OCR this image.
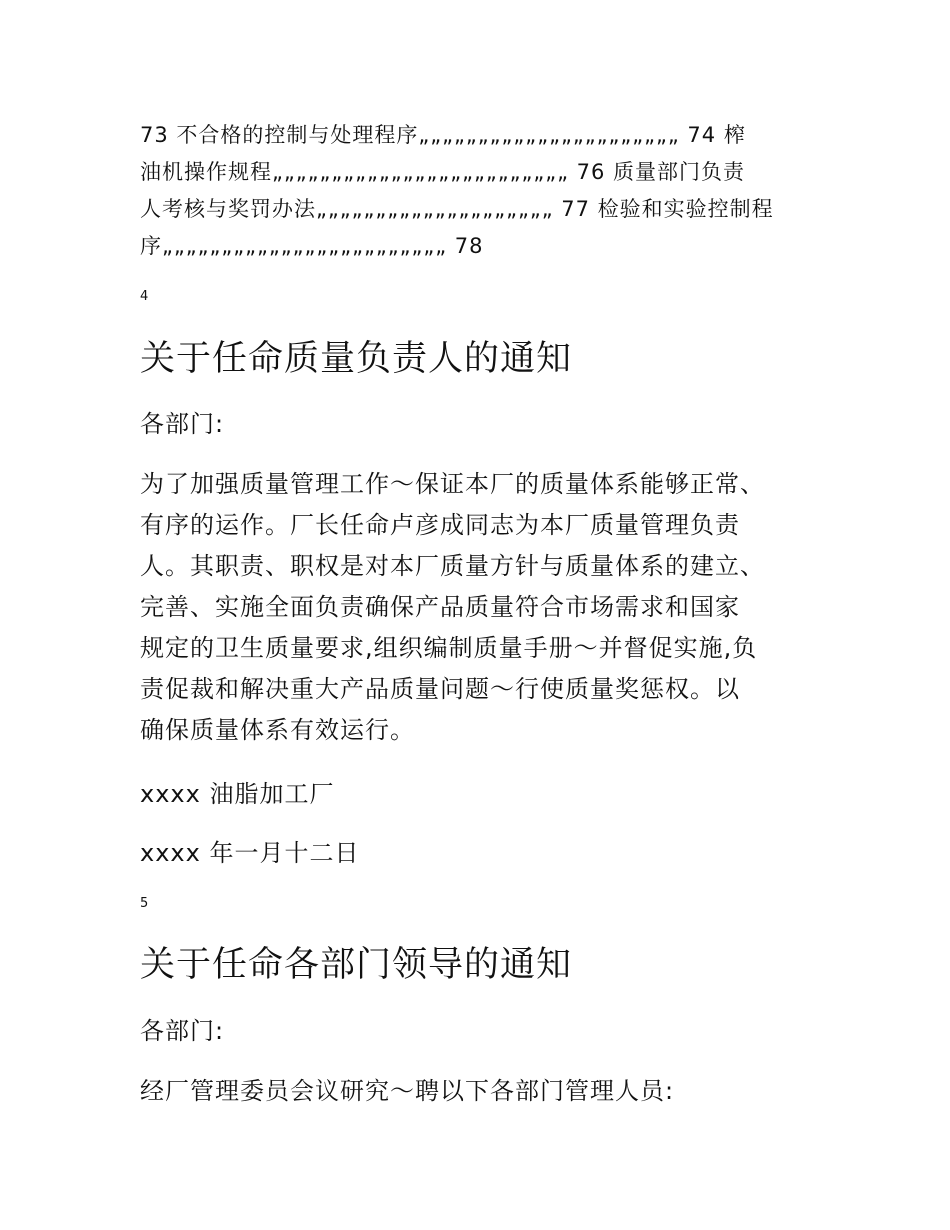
73 不合格的控制与处理程序„„„„„„„„„„„„„„„„„„„„„„ 74 榨
油机操作规程„„„„„„„„„„„„„„„„„„„„„„„„„ 76 质量部门负责
人考核与奖罚办法„„„„„„„„„„„„„„„„„„„„ 77 检验和实验控制程
序„„„„„„„„„„„„„„„„„„„„„„„„ 78
4
关于任命质量负责人的通知

各部门:

为了加强质量管理工作～保证本厂的质量体系能够正常、
有序的运作。厂长任命卢彦成同志为本厂质量管理负责
人。其职责、职权是对本厂质量方针与质量体系的建立、
完善、实施全面负责确保产品质量符合市场需求和国家
规定的卫生质量要求,组织编制质量手册～并督促实施,负
责促裁和解决重大产品质量问题～行使质量奖惩权。以
确保质量体系有效运行。

xxxx 油脂加工厂

xxxx 年一月十二日

5
关于任命各部门领导的通知

各部门:

经厂管理委员会议研究～聘以下各部门管理人员:
